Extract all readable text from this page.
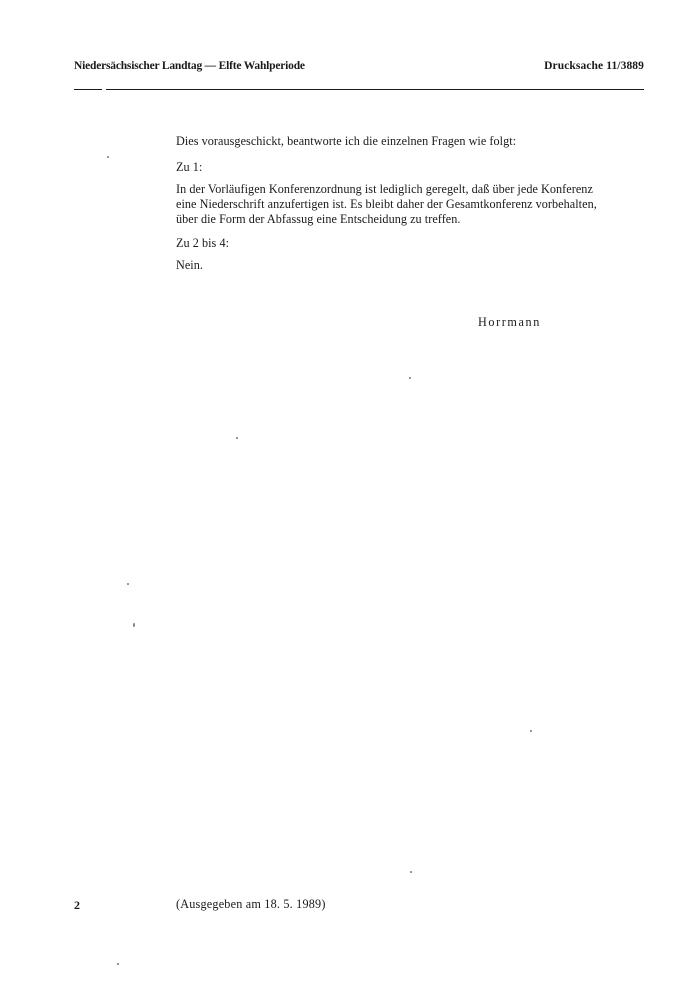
Niedersächsischer Landtag — Elfte Wahlperiode	Drucksache 11/3889

Dies vorausgeschickt, beantworte ich die einzelnen Fragen wie folgt:

Zu 1:

In der Vorläufigen Konferenzordnung ist lediglich geregelt, daß über jede Konferenz eine Niederschrift anzufertigen ist. Es bleibt daher der Gesamtkonferenz vorbehalten, über die Form der Abfassug eine Entscheidung zu treffen.

Zu 2 bis 4:

Nein.

Horrmann
2	(Ausgegeben am 18. 5. 1989)
